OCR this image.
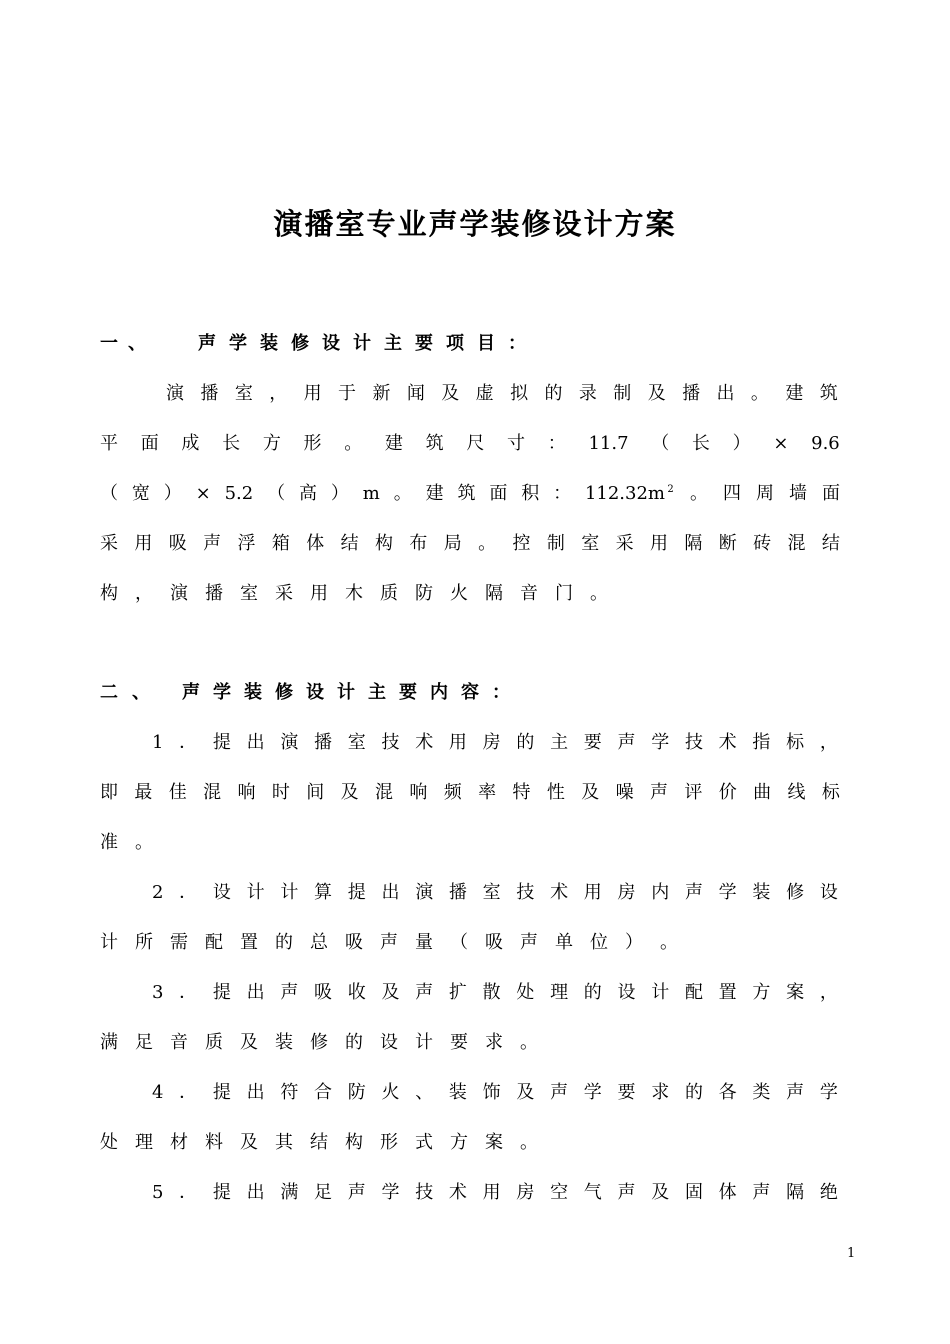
演播室专业声学装修设计方案
一、 声学装修设计主要项目：
演 播 室 ， 用 于 新 闻 及 虚 拟 的 录 制 及 播 出 。 建 筑
平 面 成 长 方 形 。 建 筑 尺 寸 ： 11.7 （ 长 ） × 9.6
（ 宽 ） × 5.2 （ 高 ） m 。 建 筑 面 积 ： 112.32m $^2$ 。 四 周 墙 面
采 用 吸 声 浮 箱 体 结 构 布 局 。 控 制 室 采 用 隔 断 砖 混 结
构 ， 演 播 室 采 用 木 质 防 火 隔 音 门 。
二、 声学装修设计主要内容：
1 ． 提 出 演 播 室 技 术 用 房 的 主 要 声 学 技 术 指 标 ，
即 最 佳 混 响 时 间 及 混 响 频 率 特 性 及 噪 声 评 价 曲 线 标
准 。
2 ． 设 计 计 算 提 出 演 播 室 技 术 用 房 内 声 学 装 修 设
计 所 需 配 置 的 总 吸 声 量 （ 吸 声 单 位 ） 。
3 ． 提 出 声 吸 收 及 声 扩 散 处 理 的 设 计 配 置 方 案 ，
满 足 音 质 及 装 修 的 设 计 要 求 。
4 ． 提 出 符 合 防 火 、 装 饰 及 声 学 要 求 的 各 类 声 学
处 理 材 料 及 其 结 构 形 式 方 案 。
5 ． 提 出 满 足 声 学 技 术 用 房 空 气 声 及 固 体 声 隔 绝
1
